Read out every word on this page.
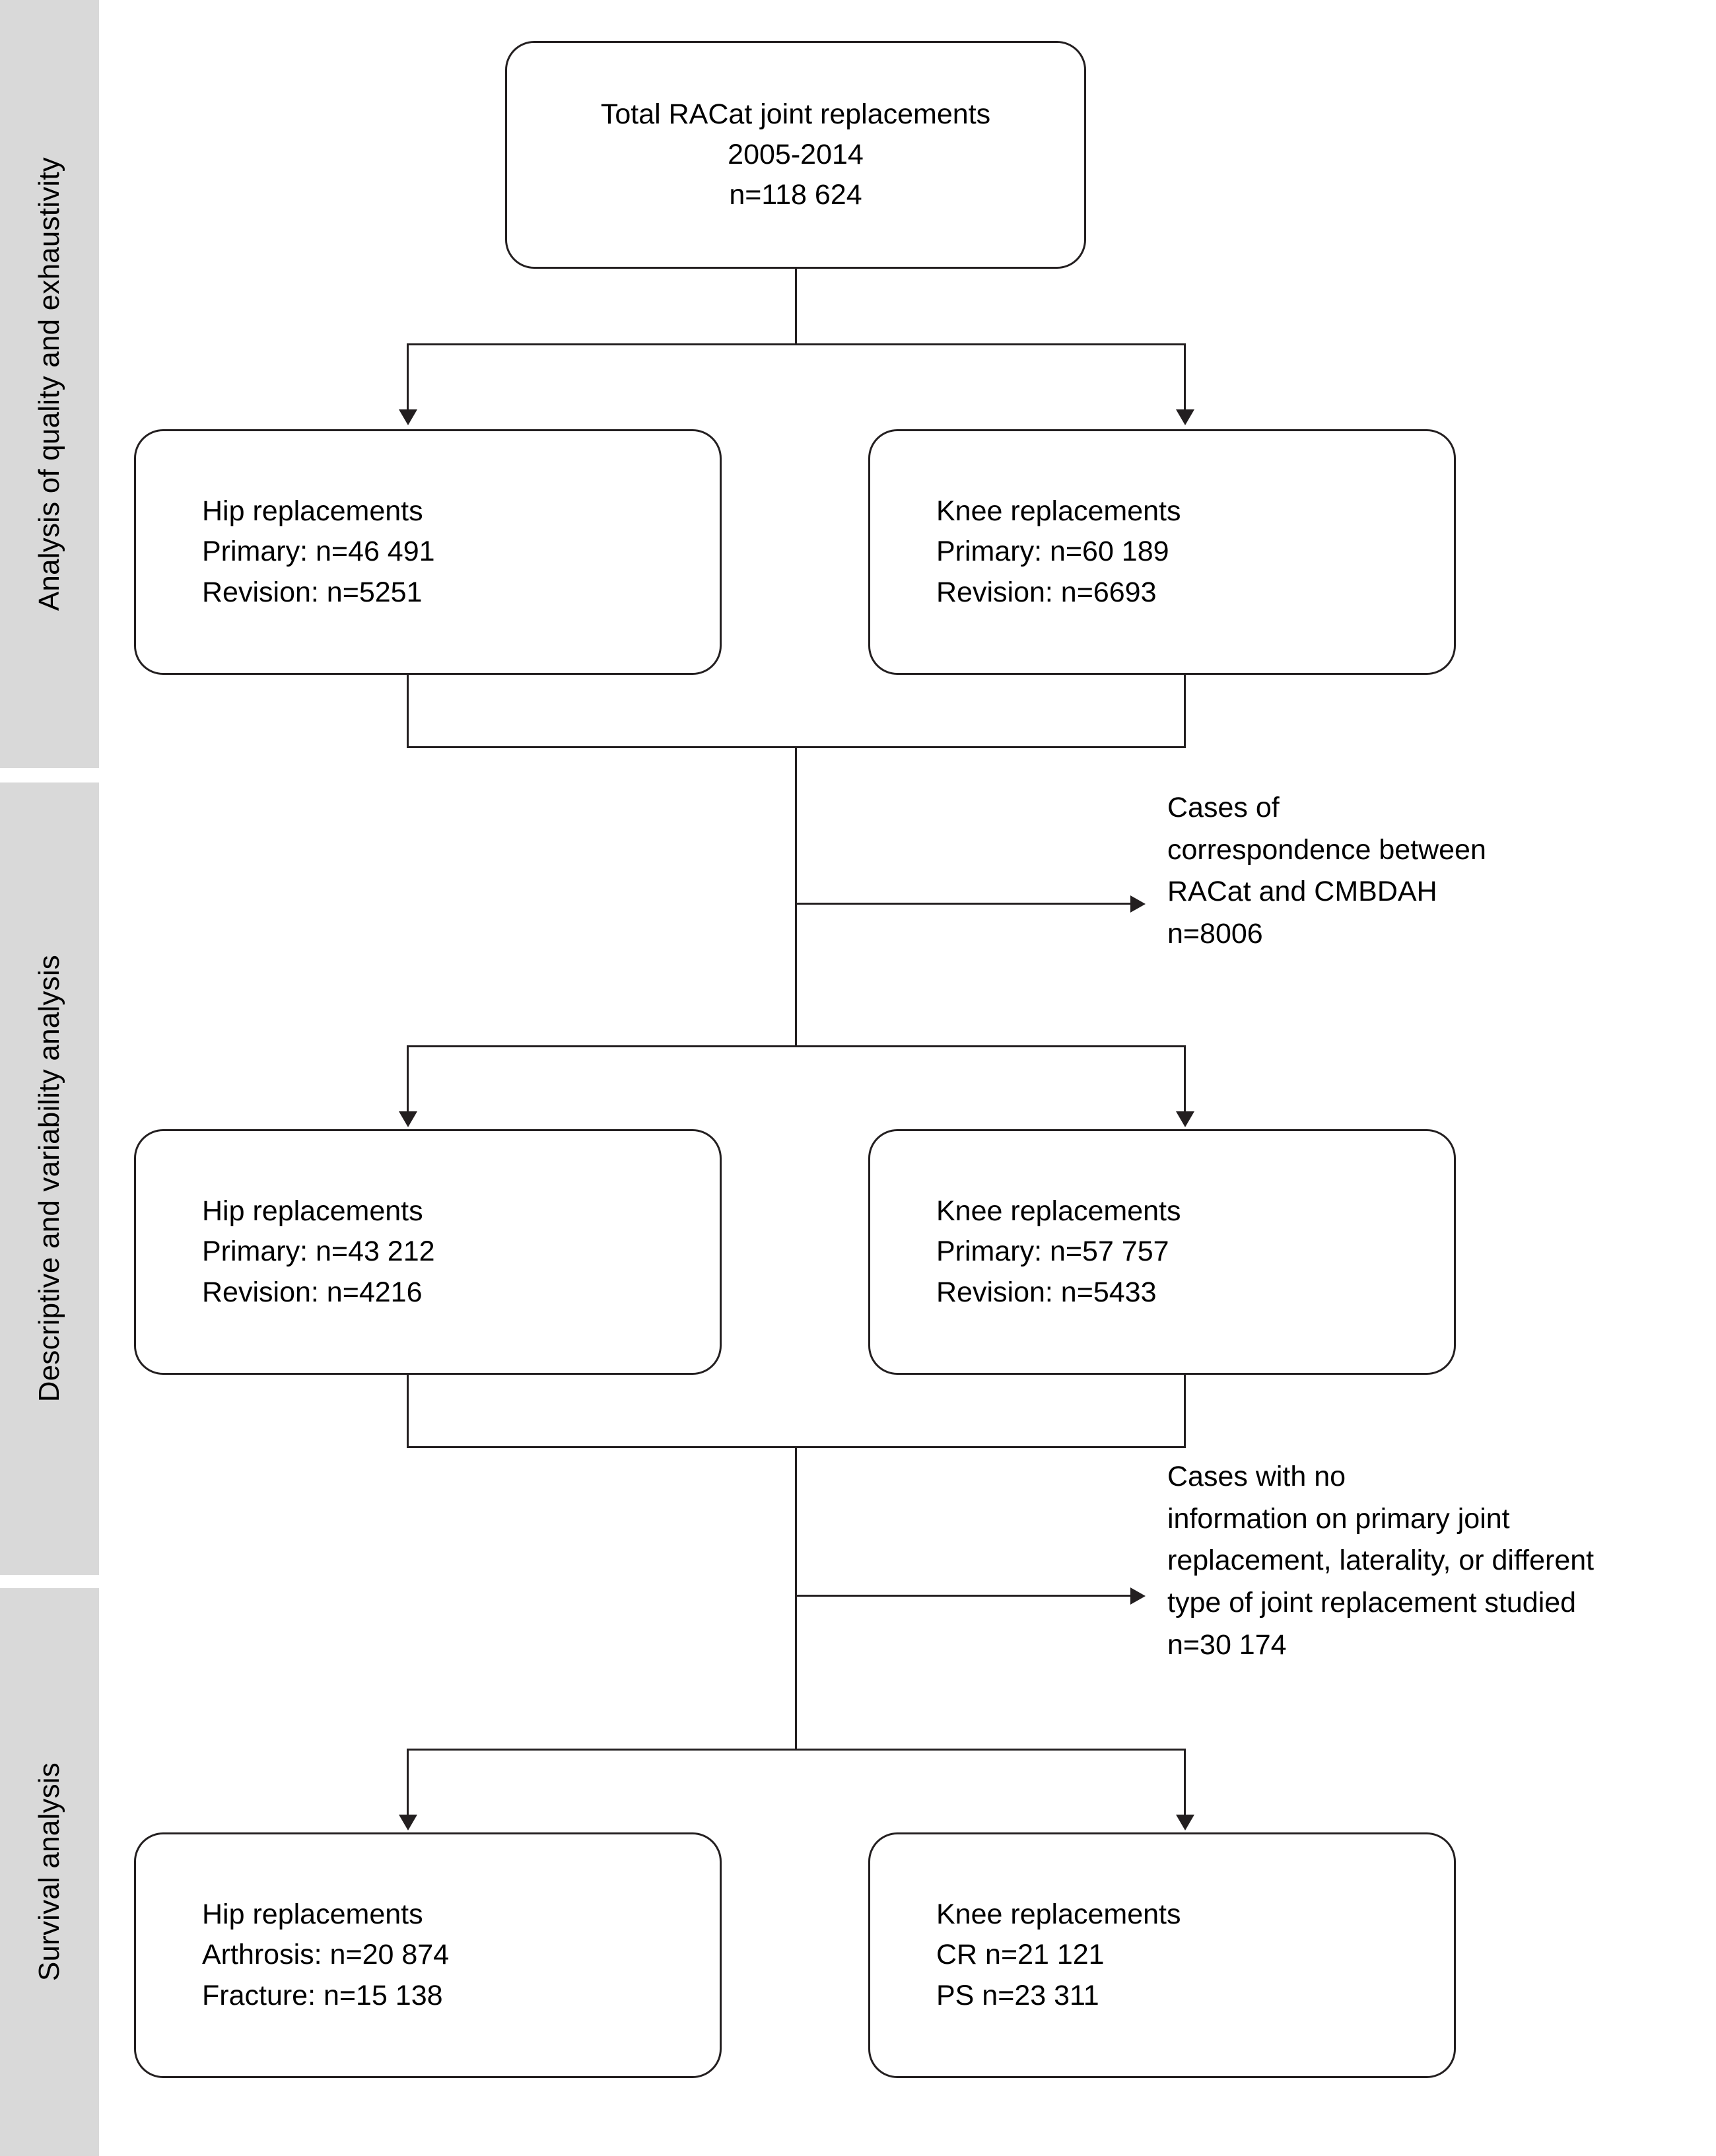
Analysis of quality and exhaustivity
Descriptive and variability analysis
Survival analysis
Total RACat joint replacements
2005-2014
n=118 624
Hip replacements
Primary: n=46 491
Revision: n=5251
Knee replacements
Primary: n=60 189
Revision: n=6693
Cases of
correspondence between
RACat and CMBDAH
n=8006
Hip replacements
Primary: n=43 212
Revision: n=4216
Knee replacements
Primary: n=57 757
Revision: n=5433
Cases with no
information on primary joint
replacement, laterality, or different
type of joint replacement studied
n=30 174
Hip replacements
Arthrosis: n=20 874
Fracture: n=15 138
Knee replacements
CR n=21 121
PS n=23 311
